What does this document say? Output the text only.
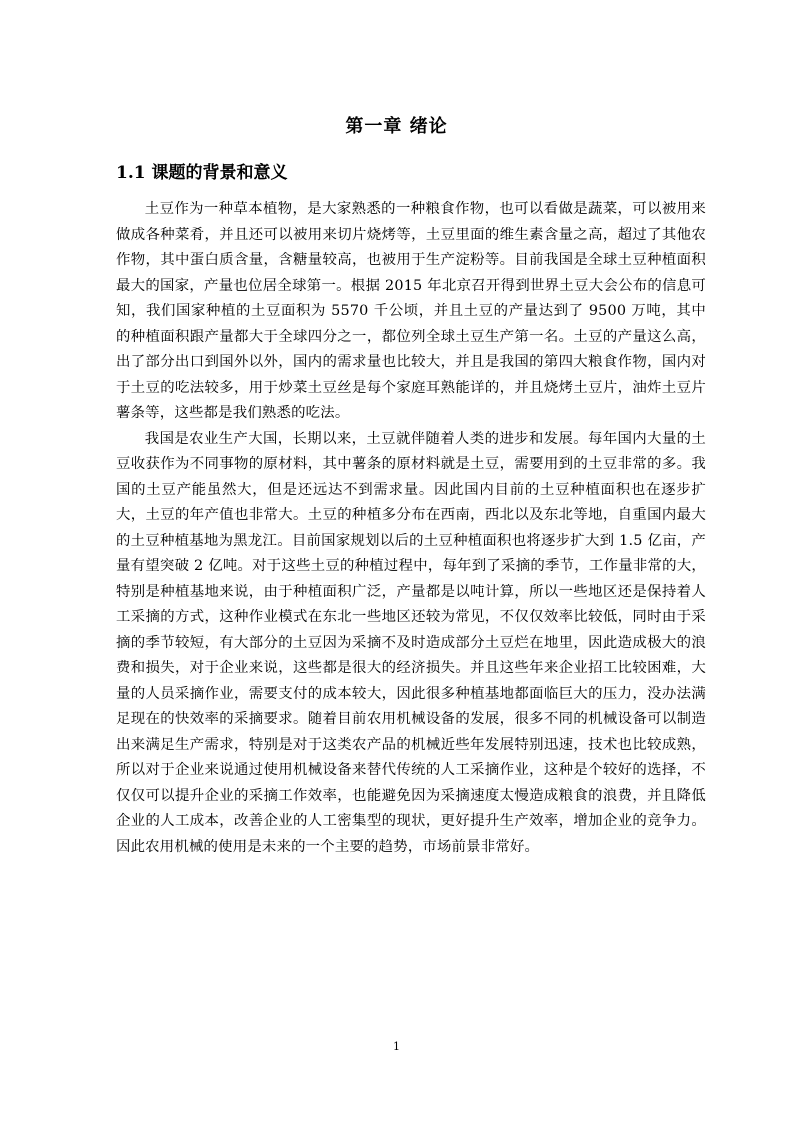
第一章 绪论
1.1 课题的背景和意义

土豆作为一种草本植物，是大家熟悉的一种粮食作物，也可以看做是蔬菜，可以被用来做成各种菜肴，并且还可以被用来切片烧烤等，土豆里面的维生素含量之高，超过了其他农作物，其中蛋白质含量，含糖量较高，也被用于生产淀粉等。目前我国是全球土豆种植面积最大的国家，产量也位居全球第一。根据 2015 年北京召开得到世界土豆大会公布的信息可知，我们国家种植的土豆面积为 5570 千公顷，并且土豆的产量达到了 9500 万吨，其中的种植面积跟产量都大于全球四分之一，都位列全球土豆生产第一名。土豆的产量这么高，出了部分出口到国外以外，国内的需求量也比较大，并且是我国的第四大粮食作物，国内对于土豆的吃法较多，用于炒菜土豆丝是每个家庭耳熟能详的，并且烧烤土豆片，油炸土豆片薯条等，这些都是我们熟悉的吃法。

我国是农业生产大国，长期以来，土豆就伴随着人类的进步和发展。每年国内大量的土豆收获作为不同事物的原材料，其中薯条的原材料就是土豆，需要用到的土豆非常的多。我国的土豆产能虽然大，但是还远达不到需求量。因此国内目前的土豆种植面积也在逐步扩大，土豆的年产值也非常大。土豆的种植多分布在西南，西北以及东北等地，自重国内最大的土豆种植基地为黑龙江。目前国家规划以后的土豆种植面积也将逐步扩大到 1.5 亿亩，产量有望突破 2 亿吨。对于这些土豆的种植过程中，每年到了采摘的季节，工作量非常的大，特别是种植基地来说，由于种植面积广泛，产量都是以吨计算，所以一些地区还是保持着人工采摘的方式，这种作业模式在东北一些地区还较为常见，不仅仅效率比较低，同时由于采摘的季节较短，有大部分的土豆因为采摘不及时造成部分土豆烂在地里，因此造成极大的浪费和损失，对于企业来说，这些都是很大的经济损失。并且这些年来企业招工比较困难，大量的人员采摘作业，需要支付的成本较大，因此很多种植基地都面临巨大的压力，没办法满足现在的快效率的采摘要求。随着目前农用机械设备的发展，很多不同的机械设备可以制造出来满足生产需求，特别是对于这类农产品的机械近些年发展特别迅速，技术也比较成熟，所以对于企业来说通过使用机械设备来替代传统的人工采摘作业，这种是个较好的选择，不仅仅可以提升企业的采摘工作效率，也能避免因为采摘速度太慢造成粮食的浪费，并且降低企业的人工成本，改善企业的人工密集型的现状，更好提升生产效率，增加企业的竞争力。因此农用机械的使用是未来的一个主要的趋势，市场前景非常好。

1
